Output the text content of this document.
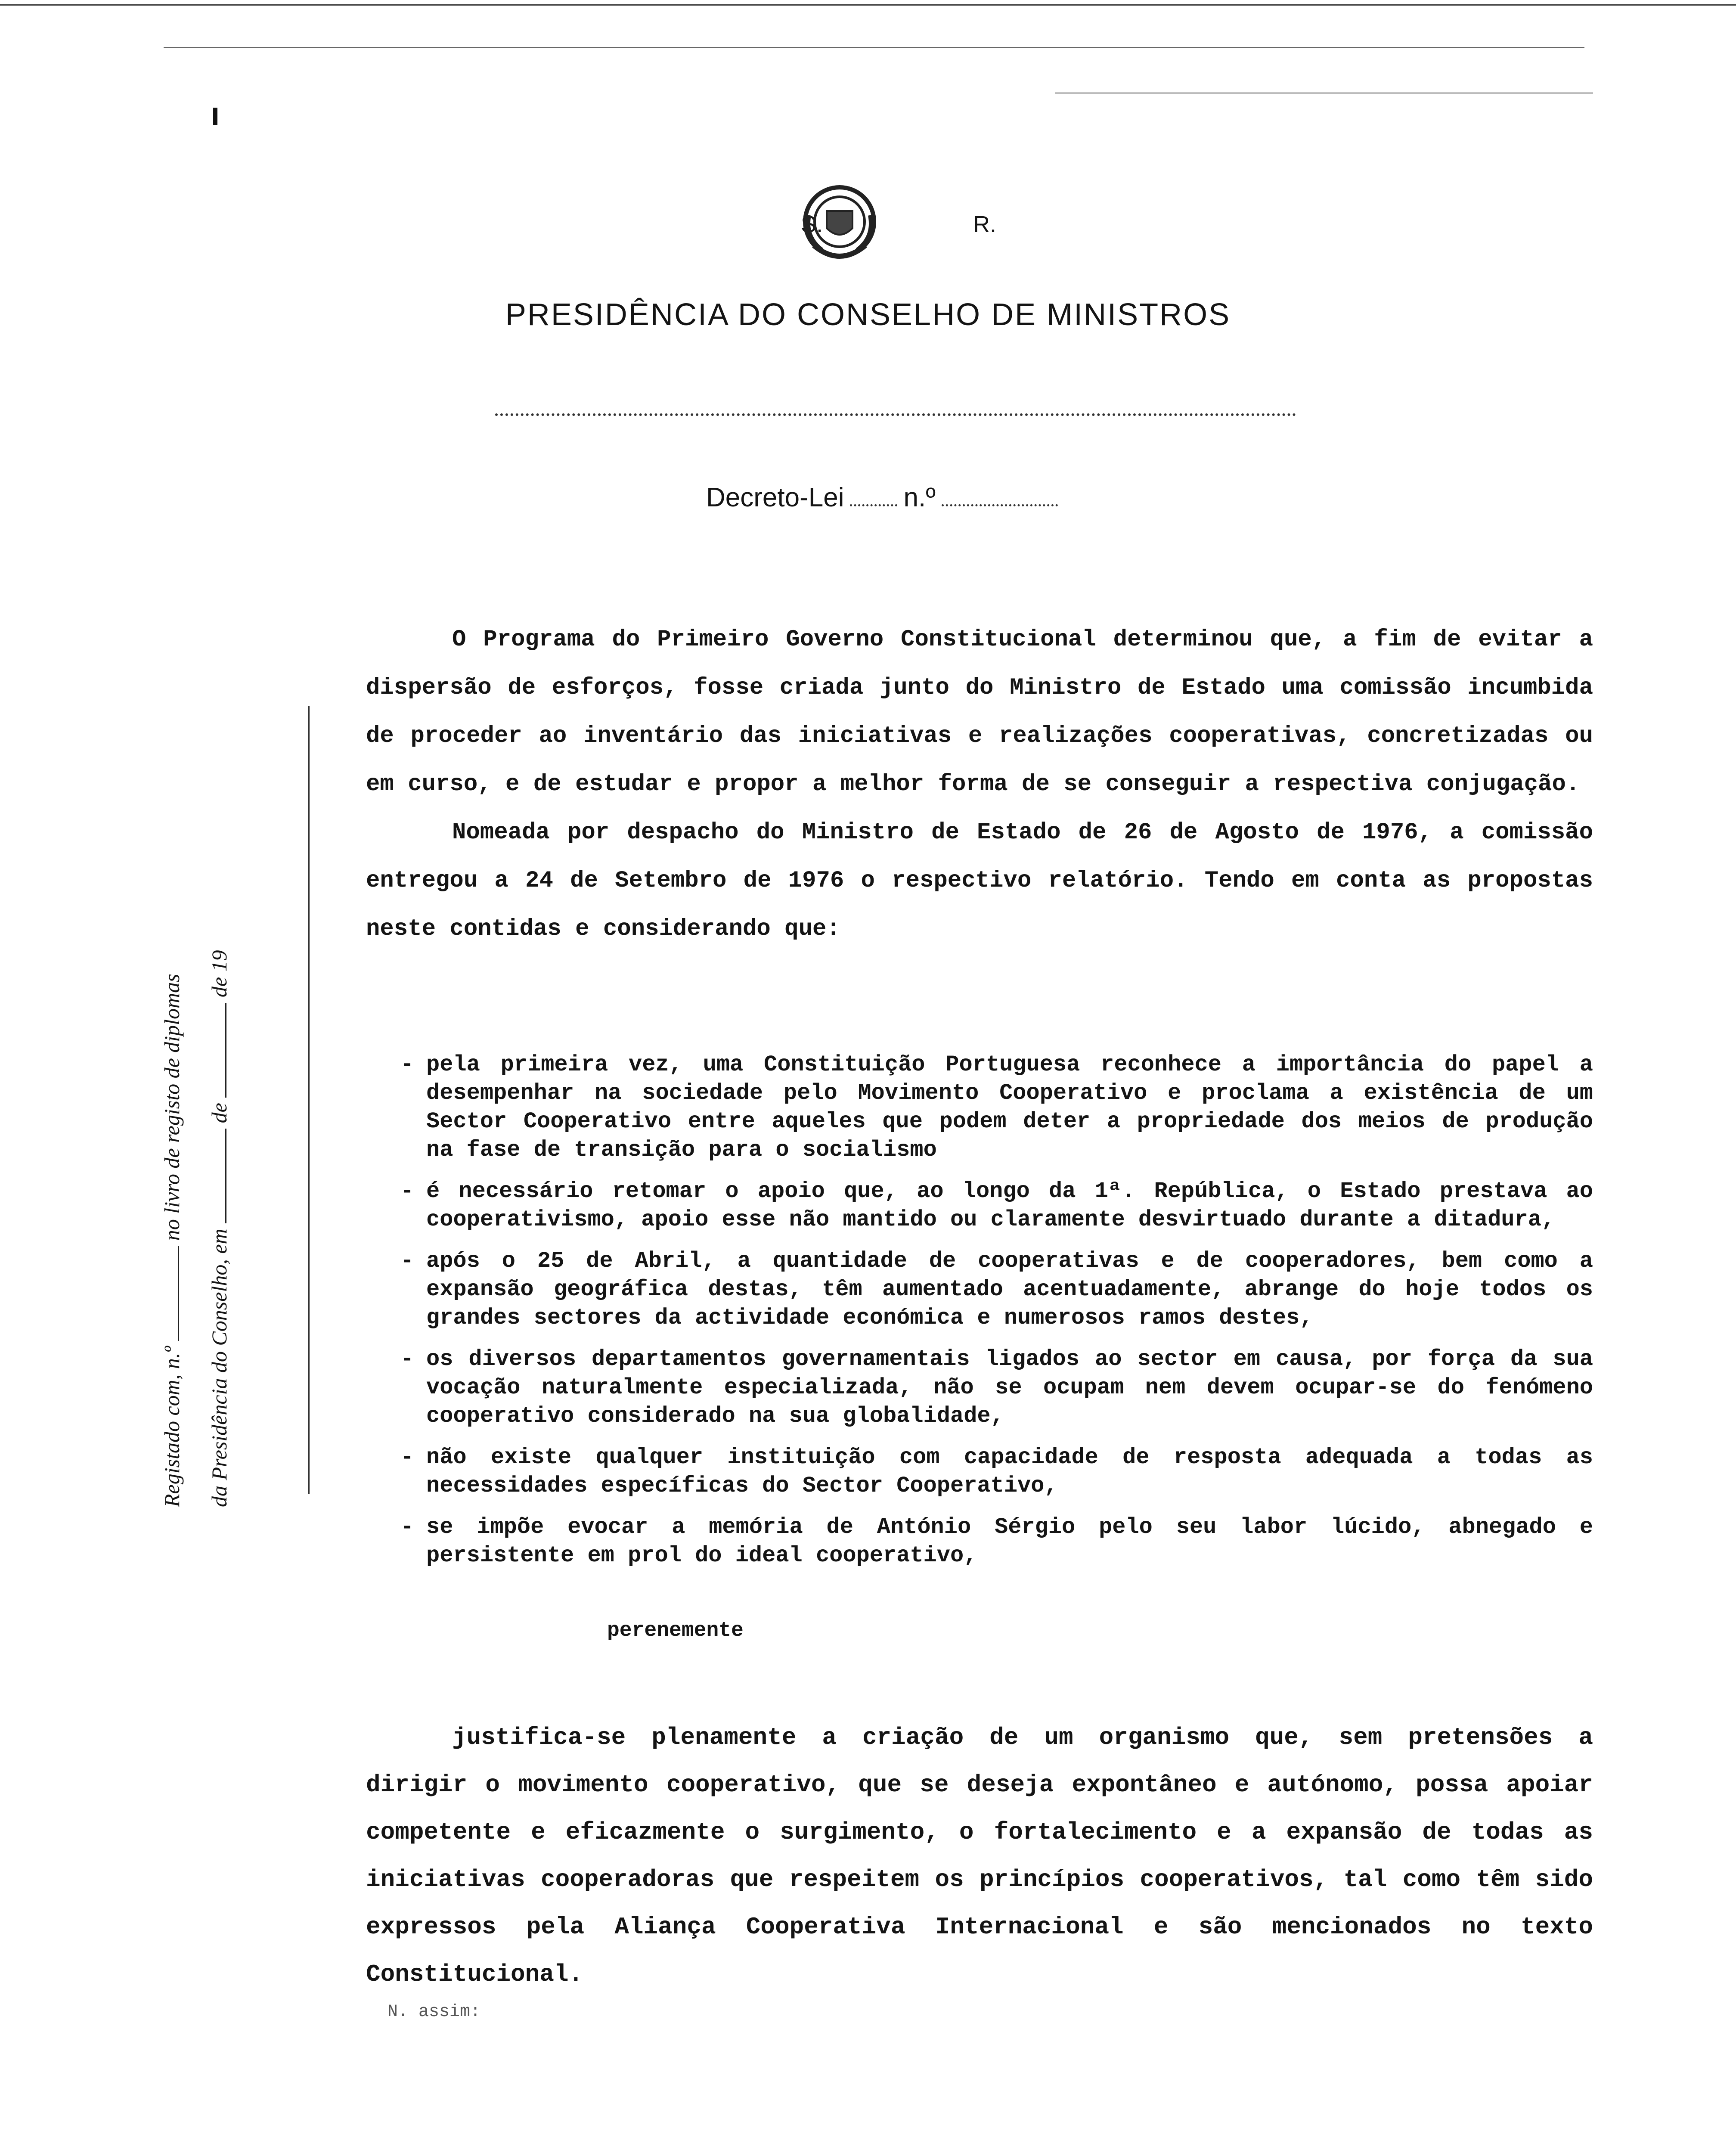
S.	R.
PRESIDÊNCIA DO CONSELHO DE MINISTROS
Decreto-Lei n.º
Registado com, n.º  no livro de registo de diplomas
da Presidência do Conselho, em  de  de 19

O Programa do Primeiro Governo Constitucional determinou que, a fim de evitar a dispersão de esforços, fosse criada junto do Ministro de Estado uma comissão incumbida de proceder ao inventário das iniciativas e realizações cooperativas, concretizadas ou em curso, e de estudar e propor a melhor forma de se conseguir a respectiva conjugação.

Nomeada por despacho do Ministro de Estado de 26 de Agosto de 1976, a comissão entregou a 24 de Setembro de 1976 o respectivo relatório. Tendo em conta as propostas neste contidas e considerando que:

- pela primeira vez, uma Constituição Portuguesa reconhece a importância do papel a desempenhar na sociedade pelo Movimento Cooperativo e proclama a existência de um Sector Cooperativo entre aqueles que podem deter a propriedade dos meios de produção na fase de transição para o socialismo
- é necessário retomar o apoio que, ao longo da 1ª. República, o Estado prestava ao cooperativismo, apoio esse não mantido ou claramente desvirtuado durante a ditadura,
- após o 25 de Abril, a quantidade de cooperativas e de cooperadores, bem como a expansão geográfica destas, têm aumentado acentuadamente, abrange do hoje todos os grandes sectores da actividade económica e numerosos ramos destes,
- os diversos departamentos governamentais ligados ao sector em causa, por força da sua vocação naturalmente especializada, não se ocupam nem devem ocupar-se do fenómeno cooperativo considerado na sua globalidade,
- não existe qualquer instituição com capacidade de resposta adequada a todas as necessidades específicas do Sector Cooperativo,
- se impõe evocar a memória de António Sérgio pelo seu labor lúcido, abnegado e persistente em prol do ideal cooperativo,
perenemente

justifica-se plenamente a criação de um organismo que, sem pretensões a dirigir o movimento cooperativo, que se deseja expontâneo e autónomo, possa apoiar competente e eficazmente o surgimento, o fortalecimento e a expansão de todas as iniciativas cooperadoras que respeitem os princípios cooperativos, tal como têm sido expressos pela Aliança Cooperativa Internacional e são mencionados no texto Constitucional.

N. assim:
